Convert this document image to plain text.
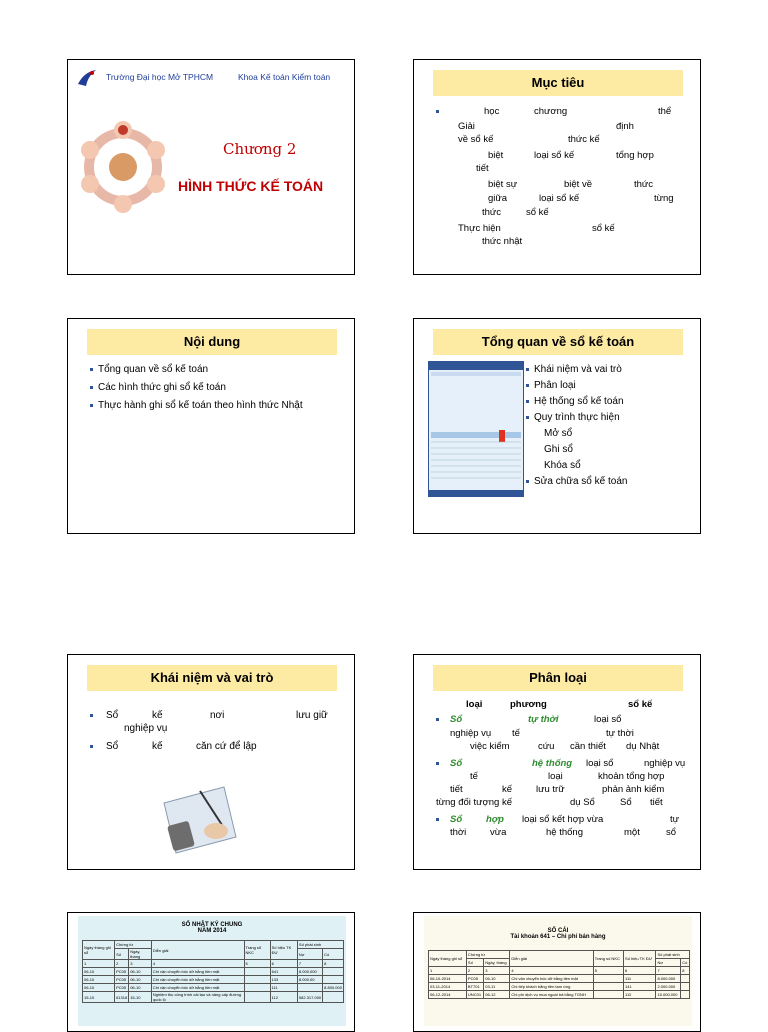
Trường Đại học Mở TPHCM	Khoa Kế toán Kiểm toán
Chương 2
HÌNH THỨC KẾ TOÁN
Mục tiêu
học	chương	thể
Giải	định
về sổ kế	thức kế
biệt	loại sổ kế	tổng hợp
tiết
biệt sự	biệt về	thức
giữa	loại sổ kế	từng
thức	sổ kế
Thực hiện	sổ kế
thức nhật
Nội dung
Tổng quan về sổ kế toán
Các hình thức ghi sổ kế toán
Thực hành ghi sổ kế toán theo hình thức Nhật
Tổng quan về sổ kế toán
Khái niệm và vai trò
Phân loại
Hệ thống sổ kế toán
Quy trình thực hiện
Mở sổ
Ghi sổ
Khóa sổ
Sửa chữa sổ kế toán
Khái niệm và vai trò
Sổ	kế	nơi	lưu giữ
nghiệp vụ
Sổ	kế	căn cứ để lập
Phân loại
loại	phương	sổ kế
Sổ	tự thời	loại sổ
nghiệp vụ tế	tự thời
việc kiểm	cứu cần thiết dụ Nhật
Sổ	hệ thống loại sổ	nghiệp vụ
tế	loại	khoản tổng hợp
tiết	kế	lưu trữ	phản ảnh kiểm
từng đối tượng kế	dụ Sổ	Sổ tiết
Sổ	hợp loại sổ kết hợp vừa	tự
thời vừa	hệ thống	một	sổ
SỔ NHẬT KÝ CHUNG
NĂM 2014
Ngày tháng ghi sổ	Chứng từ		Diễn giải	Trang sổ NKC	Số hiệu TK ĐƯ	Số phát sinh	
	Số	Ngày, tháng				Nợ	Có
1	2	3	4	5	6	7	8
06-10	PC05	06-10	Chi vận chuyển bốc dỡ bằng tiền mặt		641	8.000.000	
06-10	PC05	06-10	Chi vận chuyển bốc dỡ bằng tiền mặt		133	8.000.00	
06-10	PC05	06-10	Chi vận chuyển bốc dỡ bằng tiền mặt		111		8.800.000
15-10	61318	15-10	Nghiệm thu công trình cải tạo và nâng cấp đường quốc lộ		112	582.317.000	
SỔ CÁI
Tài khoản 641 – Chi phí bán hàng
Ngày tháng ghi sổ	Chứng từ		Diễn giải	Trang số NKC	Số hiệu TK ĐƯ	Số phát sinh	
	Số	Ngày, tháng				Nợ	Có
1	2	3	4	5	6	7	8
06-10-2014	PC05	06-10	Chi vận chuyển bốc dỡ bằng tiền mặt		111	8.000.000	
03-11-2014	BT701	03-11	Chi tiếp khách bằng tiền tạm ứng		141	2.000.000	
06-12-2014	UNC01	06-12	Chi phí dịch vụ mua ngoài trả bằng TGNH		112	15.000.000	
